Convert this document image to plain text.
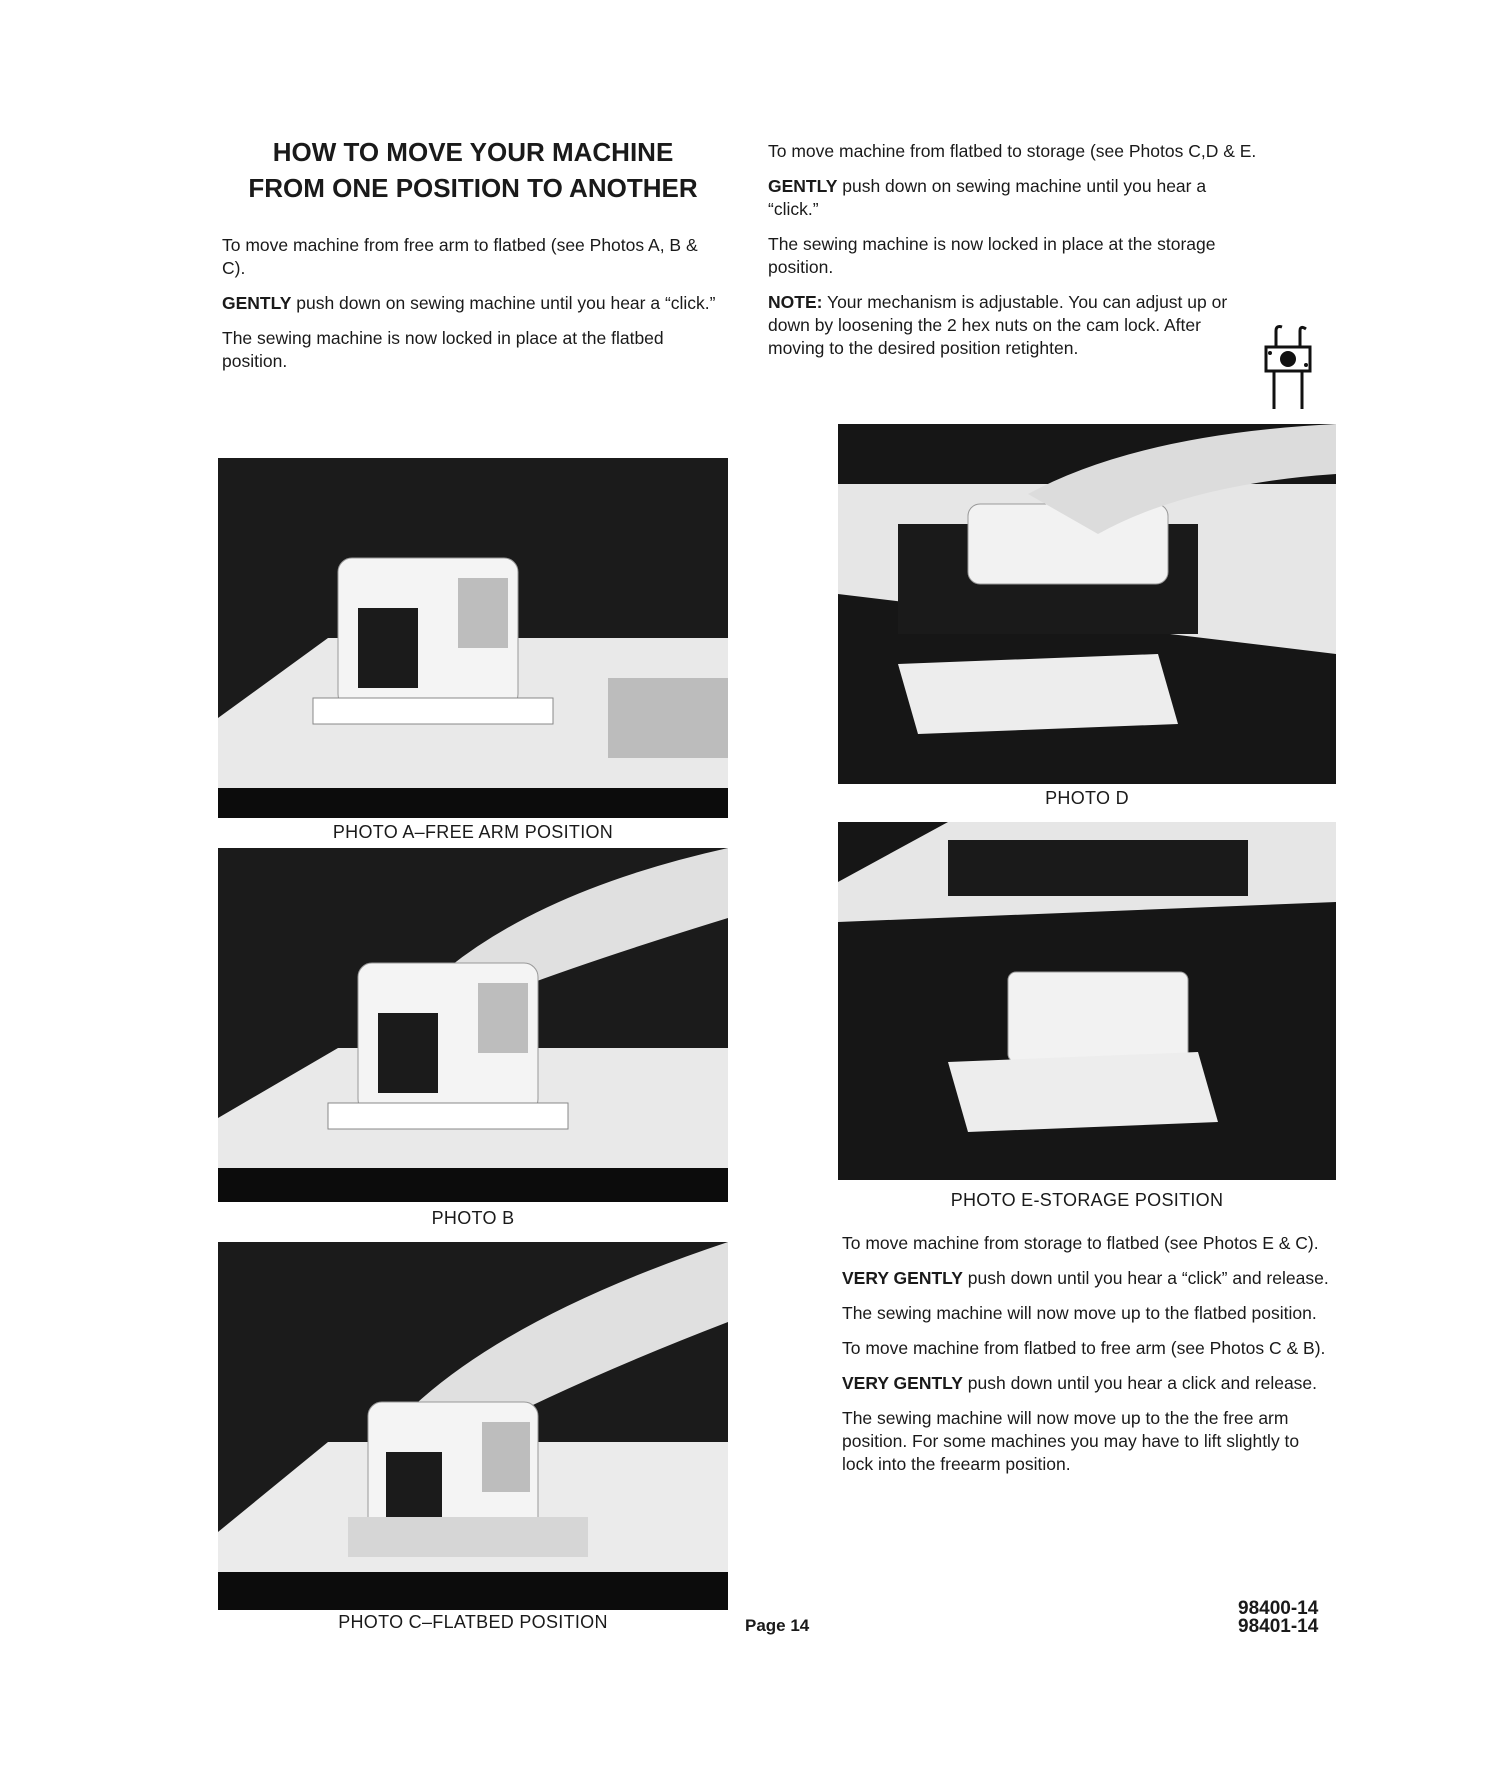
HOW TO MOVE YOUR MACHINE
FROM ONE POSITION TO ANOTHER

To move machine from free arm to flatbed (see Photos A, B & C).

GENTLY push down on sewing machine until you hear a “click.”

The sewing machine is now locked in place at the flatbed position.

To move machine from flatbed to storage (see Photos C,D & E.

GENTLY push down on sewing machine until you hear a “click.”

The sewing machine is now locked in place at the storage position.

NOTE: Your mechanism is adjustable. You can adjust up or down by loosening the 2 hex nuts on the cam lock. After moving to the desired position retighten.

PHOTO A–FREE ARM POSITION
PHOTO B
PHOTO C–FLATBED POSITION
PHOTO D
PHOTO E-STORAGE POSITION

To move machine from storage to flatbed (see Photos E & C).

VERY GENTLY push down until you hear a “click” and release.

The sewing machine will now move up to the flatbed position.

To move machine from flatbed to free arm (see Photos C & B).

VERY GENTLY push down until you hear a click and release.

The sewing machine will now move up to the the free arm position. For some machines you may have to lift slightly to lock into the freearm position.

Page 14
98400-14
98401-14
